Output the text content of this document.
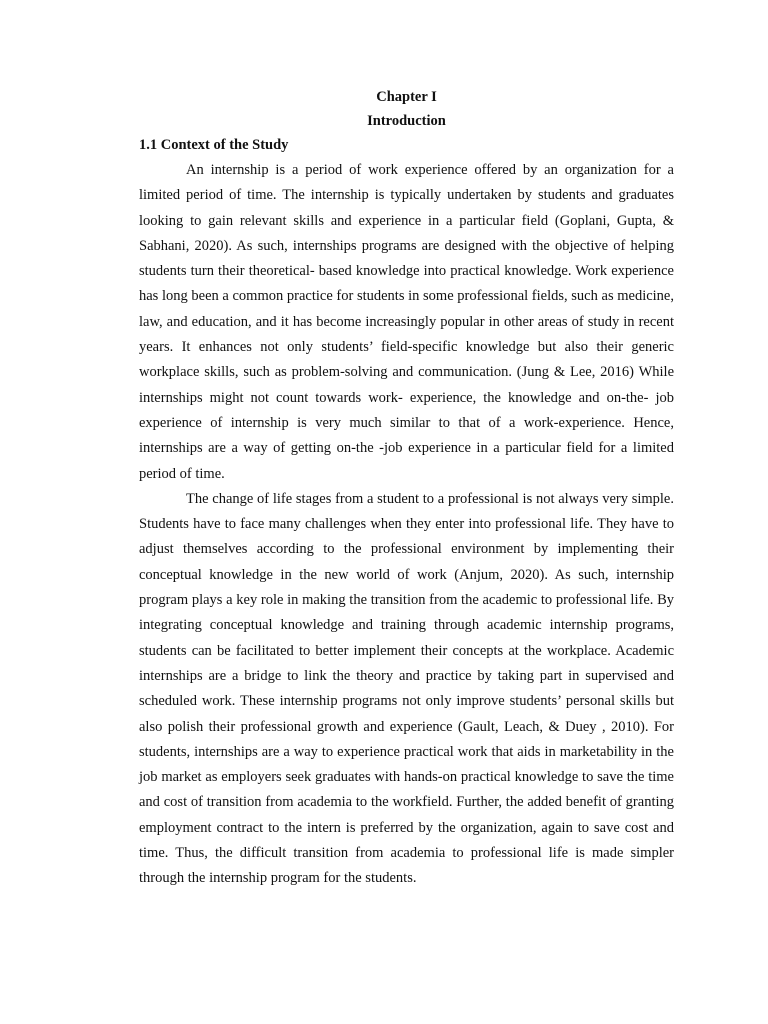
Chapter I

Introduction

1.1 Context of the Study

An internship is a period of work experience offered by an organization for a limited period of time. The internship is typically undertaken by students and graduates looking to gain relevant skills and experience in a particular field (Goplani, Gupta, & Sabhani, 2020). As such, internships programs are designed with the objective of helping students turn their theoretical- based knowledge into practical knowledge. Work experience has long been a common practice for students in some professional fields, such as medicine, law, and education, and it has become increasingly popular in other areas of study in recent years. It enhances not only students’ field-specific knowledge but also their generic workplace skills, such as problem-solving and communication. (Jung & Lee, 2016) While internships might not count towards work- experience, the knowledge and on-the- job experience of internship is very much similar to that of a work-experience. Hence, internships are a way of getting on-the -job experience in a particular field for a limited period of time.

The change of life stages from a student to a professional is not always very simple. Students have to face many challenges when they enter into professional life. They have to adjust themselves according to the professional environment by implementing their conceptual knowledge in the new world of work (Anjum, 2020). As such, internship program plays a key role in making the transition from the academic to professional life. By integrating conceptual knowledge and training through academic internship programs, students can be facilitated to better implement their concepts at the workplace. Academic internships are a bridge to link the theory and practice by taking part in supervised and scheduled work. These internship programs not only improve students’ personal skills but also polish their professional growth and experience (Gault, Leach, & Duey , 2010). For students, internships are a way to experience practical work that aids in marketability in the job market as employers seek graduates with hands-on practical knowledge to save the time and cost of transition from academia to the workfield. Further, the added benefit of granting employment contract to the intern is preferred by the organization, again to save cost and time. Thus, the difficult transition from academia to professional life is made simpler through the internship program for the students.
